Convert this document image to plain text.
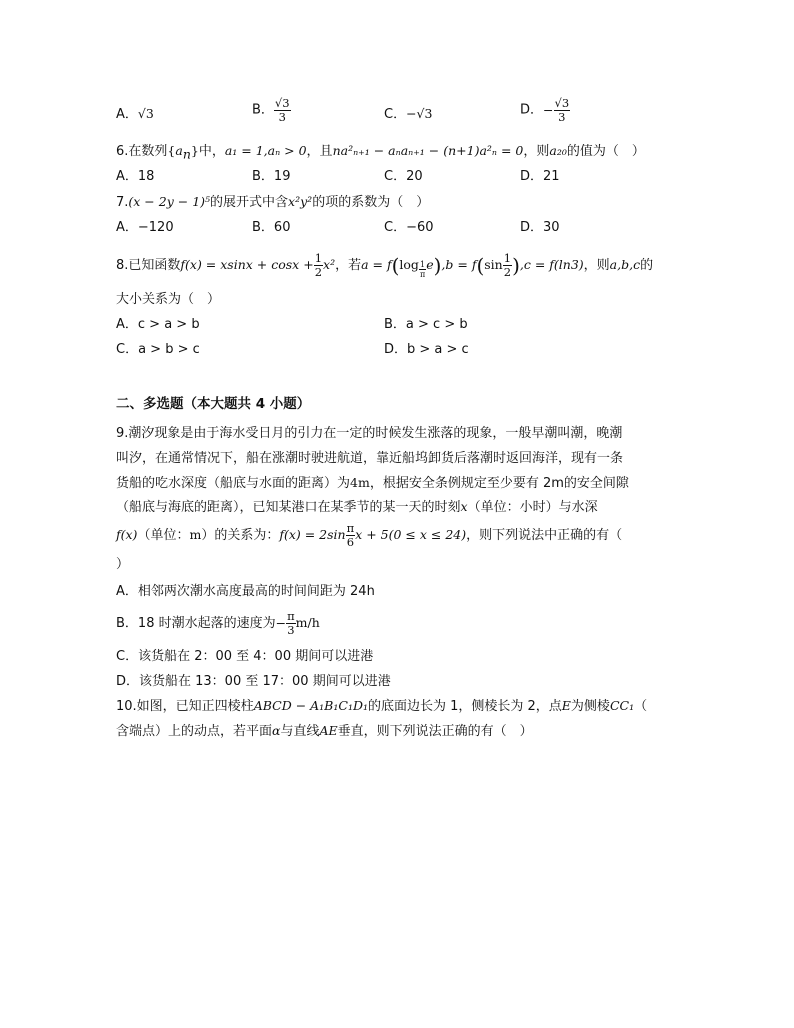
A．√3	B． $\frac{√3}{3}$	C．−√3	D．− $\frac{√3}{3}$
6.在数列$\{a_n\}$中，a₁ = 1,aₙ > 0，且na²ₙ₊₁ − aₙaₙ₊₁ − (n+1)a²ₙ = 0，则a₂₀的值为（　）
A．18	B．19	C．20	D．21
7.(x − 2y − 1)⁵的展开式中含x²y²的项的系数为（　）
A．−120	B．60	C．−60	D．30
8.已知函数$f(x) = xsinx + \cos x + \frac{1}{2} x^2$，若$a = f(\log \frac{1}{\pi} e),b = f(\sin \frac{1}{2} ),c = f(\ln 3)$，则a,b,c的
大小关系为（　）
A．c > a > b	B．a > c > b
C．a > b > c	D．b > a > c
二、多选题（本大题共 4 小题）
9.潮汐现象是由于海水受日月的引力在一定的时候发生涨落的现象，一般早潮叫潮，晚潮
叫汐，在通常情况下，船在涨潮时驶进航道，靠近船坞卸货后落潮时返回海洋，现有一条
货船的吃水深度（船底与水面的距离）为4m，根据安全条例规定至少要有 2m的安全间隙
（船底与海底的距离），已知某港口在某季节的某一天的时刻x（单位：小时）与水深
f(x)（单位：m）的关系为：$f(x) = 2\sin \frac{\pi}{6}$ x + 5(0 ≤ x ≤ 24)，则下列说法中正确的有（
）
A．相邻两次潮水高度最高的时间间距为 24h
B．18 时潮水起落的速度为− $\frac{\pi}{3} m/h$
C．该货船在 2：00 至 4：00 期间可以进港
D．该货船在 13：00 至 17：00 期间可以进港
10.如图，已知正四棱柱ABCD − A₁B₁C₁D₁的底面边长为 1，侧棱长为 2，点E为侧棱CC₁（
含端点）上的动点，若平面α与直线AE垂直，则下列说法正确的有（　）
